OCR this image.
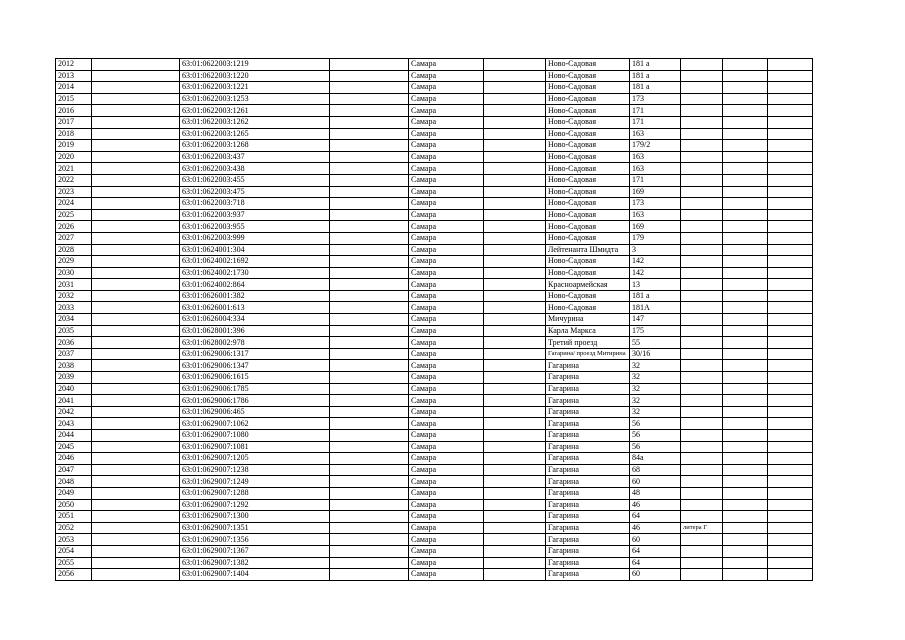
2012		63:01:0622003:1219		Самара		Ново-Садовая	181 а			
2013		63:01:0622003:1220		Самара		Ново-Садовая	181 а			
2014		63:01:0622003:1221		Самара		Ново-Садовая	181 а			
2015		63:01:0622003:1253		Самара		Ново-Садовая	173			
2016		63:01:0622003:1261		Самара		Ново-Садовая	171			
2017		63:01:0622003:1262		Самара		Ново-Садовая	171			
2018		63:01:0622003:1265		Самара		Ново-Садовая	163			
2019		63:01:0622003:1268		Самара		Ново-Садовая	179/2			
2020		63:01:0622003:437		Самара		Ново-Садовая	163			
2021		63:01:0622003:438		Самара		Ново-Садовая	163			
2022		63:01:0622003:455		Самара		Ново-Садовая	171			
2023		63:01:0622003:475		Самара		Ново-Садовая	169			
2024		63:01:0622003:718		Самара		Ново-Садовая	173			
2025		63:01:0622003:937		Самара		Ново-Садовая	163			
2026		63:01:0622003:955		Самара		Ново-Садовая	169			
2027		63:01:0622003:999		Самара		Ново-Садовая	179			
2028		63:01:0624001:304		Самара		Лейтенанта Шмидта	3			
2029		63:01:0624002:1692		Самара		Ново-Садовая	142			
2030		63:01:0624002:1730		Самара		Ново-Садовая	142			
2031		63:01:0624002:864		Самара		Красноармейская	13			
2032		63:01:0626001:382		Самара		Ново-Садовая	181 а			
2033		63:01:0626001:613		Самара		Ново-Садовая	181А			
2034		63:01:0626004:334		Самара		Мичурина	147			
2035		63:01:0628001:396		Самара		Карла Маркса	175			
2036		63:01:0628002:978		Самара		Третий проезд	55			
2037		63:01:0629006:1317		Самара		Гагарина/ проезд Митирина	30/16			
2038		63:01:0629006:1347		Самара		Гагарина	32			
2039		63:01:0629006:1615		Самара		Гагарина	32			
2040		63:01:0629006:1785		Самара		Гагарина	32			
2041		63:01:0629006:1786		Самара		Гагарина	32			
2042		63:01:0629006:465		Самара		Гагарина	32			
2043		63:01:0629007:1062		Самара		Гагарина	56			
2044		63:01:0629007:1080		Самара		Гагарина	56			
2045		63:01:0629007:1081		Самара		Гагарина	56			
2046		63:01:0629007:1205		Самара		Гагарина	84а			
2047		63:01:0629007:1238		Самара		Гагарина	68			
2048		63:01:0629007:1249		Самара		Гагарина	60			
2049		63:01:0629007:1288		Самара		Гагарина	48			
2050		63:01:0629007:1292		Самара		Гагарина	46			
2051		63:01:0629007:1300		Самара		Гагарина	64			
2052		63:01:0629007:1351		Самара		Гагарина	46	литера Г		
2053		63:01:0629007:1356		Самара		Гагарина	60			
2054		63:01:0629007:1367		Самара		Гагарина	64			
2055		63:01:0629007:1382		Самара		Гагарина	64			
2056		63:01:0629007:1404		Самара		Гагарина	60			
